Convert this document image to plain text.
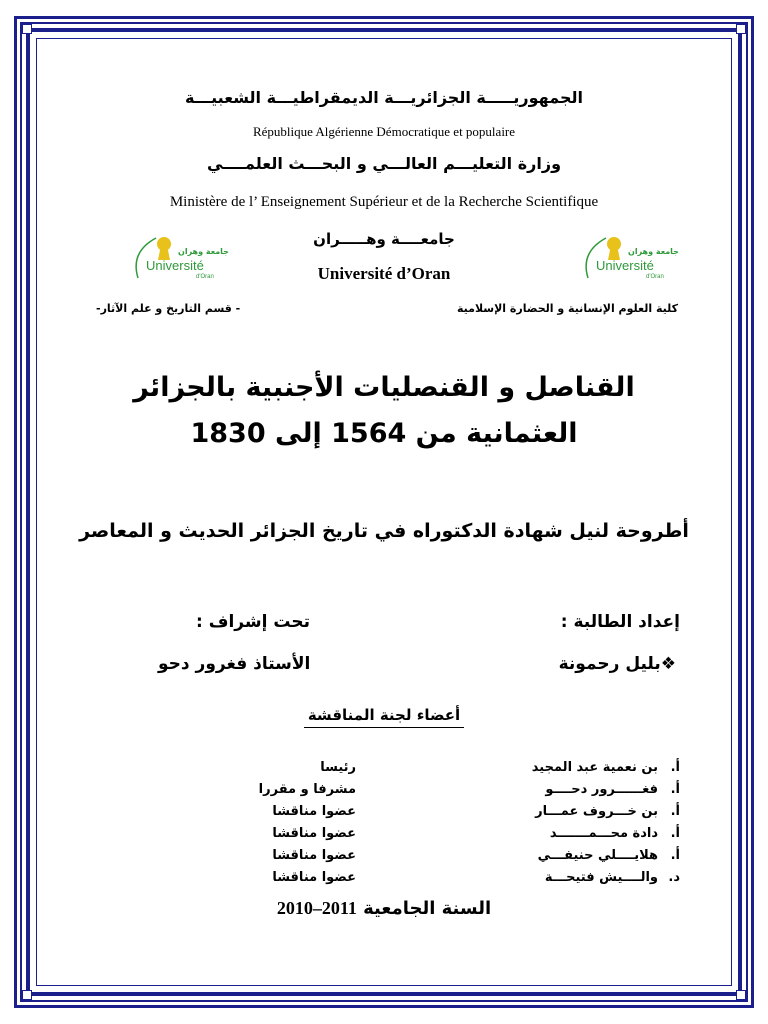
الجمهوريـــــة الجزائريـــة الديمقراطيـــة الشعبيـــة
République Algérienne Démocratique et populaire
وزارة التعليـــم العالـــي و البحـــث العلمــــي
Ministère de l’ Enseignement Supérieur et de la Recherche Scientifique
جامعــــة وهـــــران
Université d’Oran
جامعة وهران
Université
d'Oran
جامعة وهران
Université
d'Oran
كلية العلوم الإنسانية و الحضارة الإسلامية
- قسم التاريخ و علم الآثار-
القناصل و القنصليات الأجنبية بالجزائر
العثمانية من 1564 إلى 1830
أطروحة لنيل شهادة الدكتوراه في تاريخ الجزائر الحديث و المعاصر
إعداد الطالبة :
تحت إشراف :
❖بليل رحمونة
الأستاذ فغرور دحو
أعضاء لجنة المناقشة
أ.
بن نعمية عبد المجيد
رئيسا
أ.
فغــــــرور دحــــو
مشرفا و مقررا
أ.
بن خـــروف عمـــار
عضوا مناقشا
أ.
دادة محـــمـــــــد
عضوا مناقشا
أ.
هلايــــلي حنيفـــي
عضوا مناقشا
د.
والــــيش فتيحـــة
عضوا مناقشا
السنة الجامعية 2010–2011
